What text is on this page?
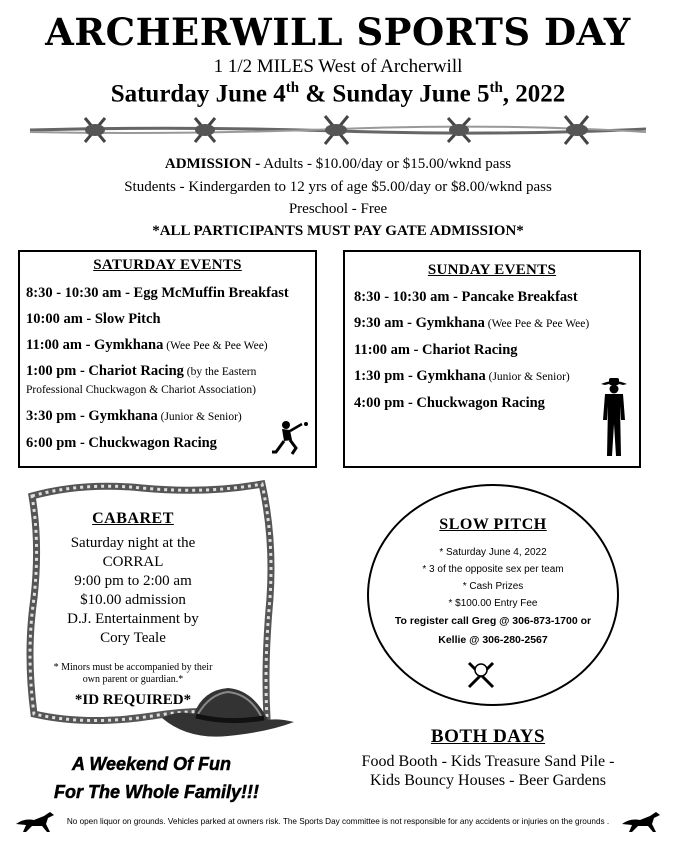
ARCHERWILL SPORTS DAY
1 1/2 MILES West of Archerwill
Saturday June 4th & Sunday June 5th, 2022
ADMISSION - Adults - $10.00/day or $15.00/wknd pass
Students - Kindergarden to 12 yrs of age $5.00/day or $8.00/wknd pass
Preschool - Free
*ALL PARTICIPANTS MUST PAY GATE ADMISSION*
SATURDAY EVENTS
8:30 - 10:30 am - Egg McMuffin Breakfast
10:00 am - Slow Pitch
11:00 am - Gymkhana (Wee Pee & Pee Wee)
1:00 pm - Chariot Racing (by the Eastern Professional Chuckwagon & Chariot Association)
3:30 pm - Gymkhana (Junior & Senior)
6:00 pm - Chuckwagon Racing
SUNDAY EVENTS
8:30 - 10:30 am - Pancake Breakfast
9:30 am - Gymkhana (Wee Pee & Pee Wee)
11:00 am - Chariot Racing
1:30 pm - Gymkhana (Junior & Senior)
4:00 pm - Chuckwagon Racing
CABARET
Saturday night at the CORRAL
9:00 pm to 2:00 am
$10.00 admission
D.J. Entertainment by
Cory Teale
* Minors must be accompanied by their own parent or guardian.*
*ID REQUIRED*
SLOW PITCH
* Saturday June 4, 2022
* 3 of the opposite sex per team
* Cash Prizes
* $100.00 Entry Fee
To register call Greg @ 306-873-1700 or
Kellie @ 306-280-2567
BOTH DAYS
Food Booth - Kids Treasure Sand Pile -
Kids Bouncy Houses - Beer Gardens
A Weekend Of Fun
For The Whole Family!!!
No open liquor on grounds. Vehicles parked at owners risk. The Sports Day committee is not responsible for any accidents or injuries on the grounds .
